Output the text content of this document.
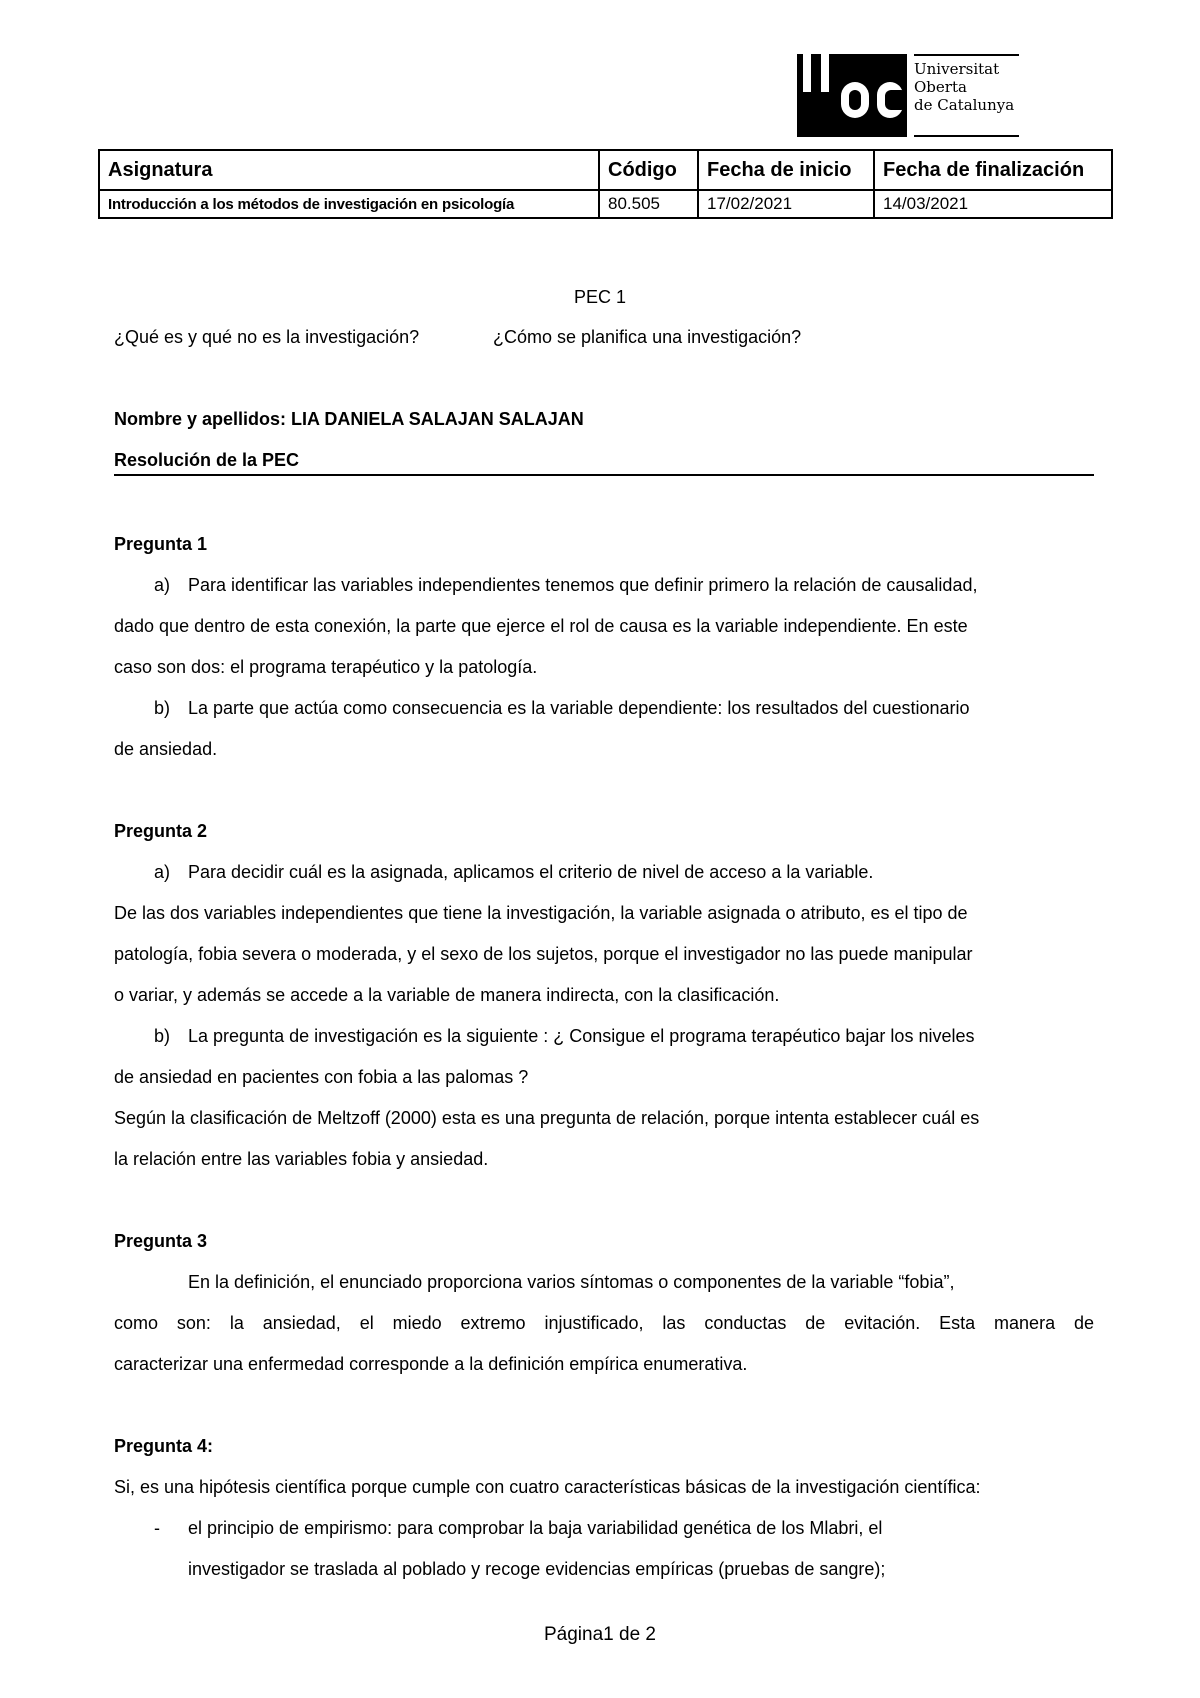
Universitat
Oberta
de Catalunya
Asignatura	Código	Fecha de inicio	Fecha de finalización
Introducción a los métodos de investigación en psicología	80.505	17/02/2021	14/03/2021
PEC 1
¿Qué es y qué no es la investigación?	¿Cómo se planifica una investigación?
Nombre y apellidos: LIA DANIELA SALAJAN SALAJAN
Resolución de la PEC
Pregunta 1
a) Para identificar las variables independientes tenemos que definir primero la relación de causalidad,
dado que dentro de esta conexión, la parte que ejerce el rol de causa es la variable independiente. En este
caso son dos: el programa terapéutico y la patología.
b) La parte que actúa como consecuencia es la variable dependiente: los resultados del cuestionario
de ansiedad.
Pregunta 2
a) Para decidir cuál es la asignada, aplicamos el criterio de nivel de acceso a la variable.
De las dos variables independientes que tiene la investigación, la variable asignada o atributo, es el tipo de
patología, fobia severa o moderada, y el sexo de los sujetos, porque el investigador no las puede manipular
o variar, y además se accede a la variable de manera indirecta, con la clasificación.
b) La pregunta de investigación es la siguiente : ¿ Consigue el programa terapéutico bajar los niveles
de ansiedad en pacientes con fobia a las palomas ?
Según la clasificación de Meltzoff (2000) esta es una pregunta de relación, porque intenta establecer cuál es
la relación entre las variables fobia y ansiedad.
Pregunta 3
En la definición, el enunciado proporciona varios síntomas o componentes de la variable “fobia”,
como son: la ansiedad, el miedo extremo injustificado, las conductas de evitación. Esta manera de
caracterizar una enfermedad corresponde a la definición empírica enumerativa.
Pregunta 4:
Si, es una hipótesis científica porque cumple con cuatro características básicas de la investigación científica:
- el principio de empirismo: para comprobar la baja variabilidad genética de los Mlabri, el
investigador se traslada al poblado y recoge evidencias empíricas (pruebas de sangre);
Página1 de 2
